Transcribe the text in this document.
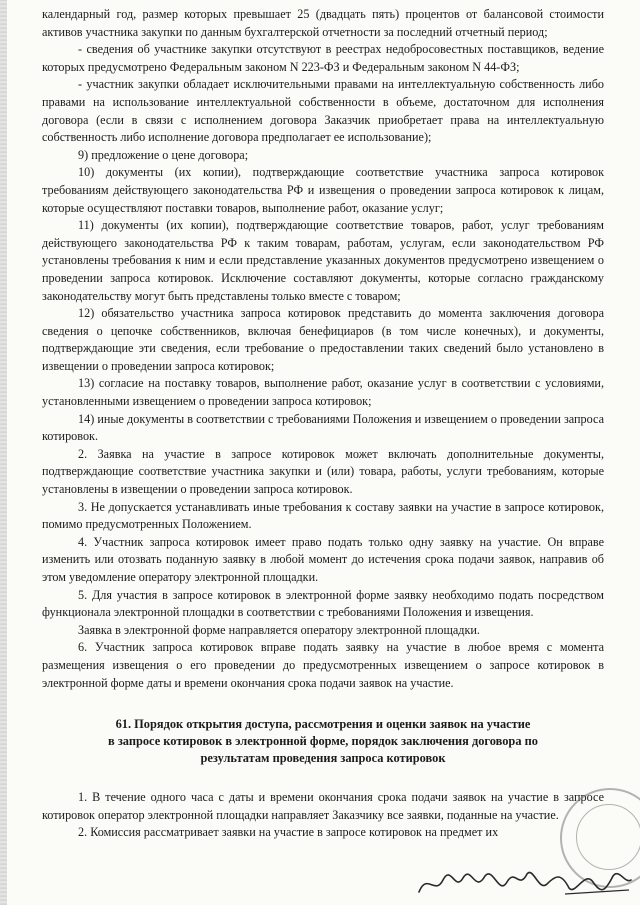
календарный год, размер которых превышает 25 (двадцать пять) процентов от балансовой стоимости активов участника закупки по данным бухгалтерской отчетности за последний отчетный период;

- сведения об участнике закупки отсутствуют в реестрах недобросовестных поставщиков, ведение которых предусмотрено Федеральным законом N 223-ФЗ и Федеральным законом N 44-ФЗ;

- участник закупки обладает исключительными правами на интеллектуальную собственность либо правами на использование интеллектуальной собственности в объеме, достаточном для исполнения договора (если в связи с исполнением договора Заказчик приобретает права на интеллектуальную собственность либо исполнение договора предполагает ее использование);

9) предложение о цене договора;

10) документы (их копии), подтверждающие соответствие участника запроса котировок требованиям действующего законодательства РФ и извещения о проведении запроса котировок к лицам, которые осуществляют поставки товаров, выполнение работ, оказание услуг;

11) документы (их копии), подтверждающие соответствие товаров, работ, услуг требованиям действующего законодательства РФ к таким товарам, работам, услугам, если законодательством РФ установлены требования к ним и если представление указанных документов предусмотрено извещением о проведении запроса котировок. Исключение составляют документы, которые согласно гражданскому законодательству могут быть представлены только вместе с товаром;

12) обязательство участника запроса котировок представить до момента заключения договора сведения о цепочке собственников, включая бенефициаров (в том числе конечных), и документы, подтверждающие эти сведения, если требование о предоставлении таких сведений было установлено в извещении о проведении запроса котировок;

13) согласие на поставку товаров, выполнение работ, оказание услуг в соответствии с условиями, установленными извещением о проведении запроса котировок;

14) иные документы в соответствии с требованиями Положения и извещением о проведении запроса котировок.

2. Заявка на участие в запросе котировок может включать дополнительные документы, подтверждающие соответствие участника закупки и (или) товара, работы, услуги требованиям, которые установлены в извещении о проведении запроса котировок.

3. Не допускается устанавливать иные требования к составу заявки на участие в запросе котировок, помимо предусмотренных Положением.

4. Участник запроса котировок имеет право подать только одну заявку на участие. Он вправе изменить или отозвать поданную заявку в любой момент до истечения срока подачи заявок, направив об этом уведомление оператору электронной площадки.

5. Для участия в запросе котировок в электронной форме заявку необходимо подать посредством функционала электронной площадки в соответствии с требованиями Положения и извещения.

Заявка в электронной форме направляется оператору электронной площадки.

6. Участник запроса котировок вправе подать заявку на участие в любое время с момента размещения извещения о его проведении до предусмотренных извещением о запросе котировок в электронной форме даты и времени окончания срока подачи заявок на участие.

61. Порядок открытия доступа, рассмотрения и оценки заявок на участие
в запросе котировок в электронной форме, порядок заключения договора по
результатам проведения запроса котировок

1. В течение одного часа с даты и времени окончания срока подачи заявок на участие в запросе котировок оператор электронной площадки направляет Заказчику все заявки, поданные на участие.

2. Комиссия рассматривает заявки на участие в запросе котировок на предмет их
